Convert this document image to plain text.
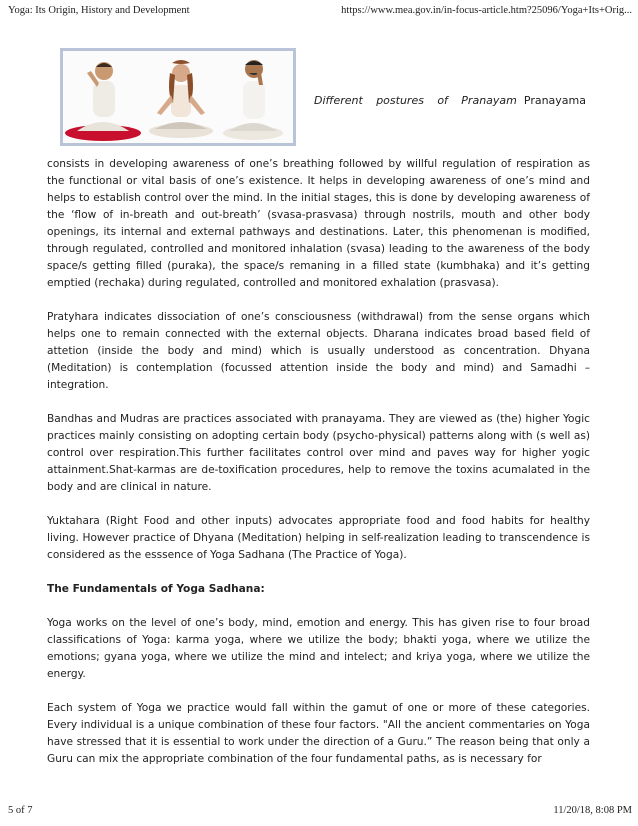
Yoga: Its Origin, History and Development	https://www.mea.gov.in/in-focus-article.htm?25096/Yoga+Its+Orig...
Different postures of Pranayam Pranayama

consists in developing awareness of one’s breathing followed by willful regulation of respiration as the functional or vital basis of one’s existence. It helps in developing awareness of one’s mind and helps to establish control over the mind. In the initial stages, this is done by developing awareness of the ‘flow of in-breath and out-breath’ (svasa-prasvasa) through nostrils, mouth and other body openings, its internal and external pathways and destinations. Later, this phenomenan is modified, through regulated, controlled and monitored inhalation (svasa) leading to the awareness of the body space/s getting filled (puraka), the space/s remaning in a filled state (kumbhaka) and it’s getting emptied (rechaka) during regulated, controlled and monitored exhalation (prasvasa).

Pratyhara indicates dissociation of one’s consciousness (withdrawal) from the sense organs which helps one to remain connected with the external objects. Dharana indicates broad based field of attetion (inside the body and mind) which is usually understood as concentration. Dhyana (Meditation) is contemplation (focussed attention inside the body and mind) and Samadhi – integration.

Bandhas and Mudras are practices associated with pranayama. They are viewed as (the) higher Yogic practices mainly consisting on adopting certain body (psycho-physical) patterns along with (s well as) control over respiration.This further facilitates control over mind and paves way for higher yogic attainment.Shat-karmas are de-toxification procedures, help to remove the toxins acumalated in the body and are clinical in nature.

Yuktahara (Right Food and other inputs) advocates appropriate food and food habits for healthy living. However practice of Dhyana (Meditation) helping in self-realization leading to transcendence is considered as the esssence of Yoga Sadhana (The Practice of Yoga).

The Fundamentals of Yoga Sadhana:

Yoga works on the level of one’s body, mind, emotion and energy. This has given rise to four broad classifications of Yoga: karma yoga, where we utilize the body; bhakti yoga, where we utilize the emotions; gyana yoga, where we utilize the mind and intelect; and kriya yoga, where we utilize the energy.

Each system of Yoga we practice would fall within the gamut of one or more of these categories. Every individual is a unique combination of these four factors. "All the ancient commentaries on Yoga have stressed that it is essential to work under the direction of a Guru.” The reason being that only a Guru can mix the appropriate combination of the four fundamental paths, as is necessary for

5 of 7	11/20/18, 8:08 PM
